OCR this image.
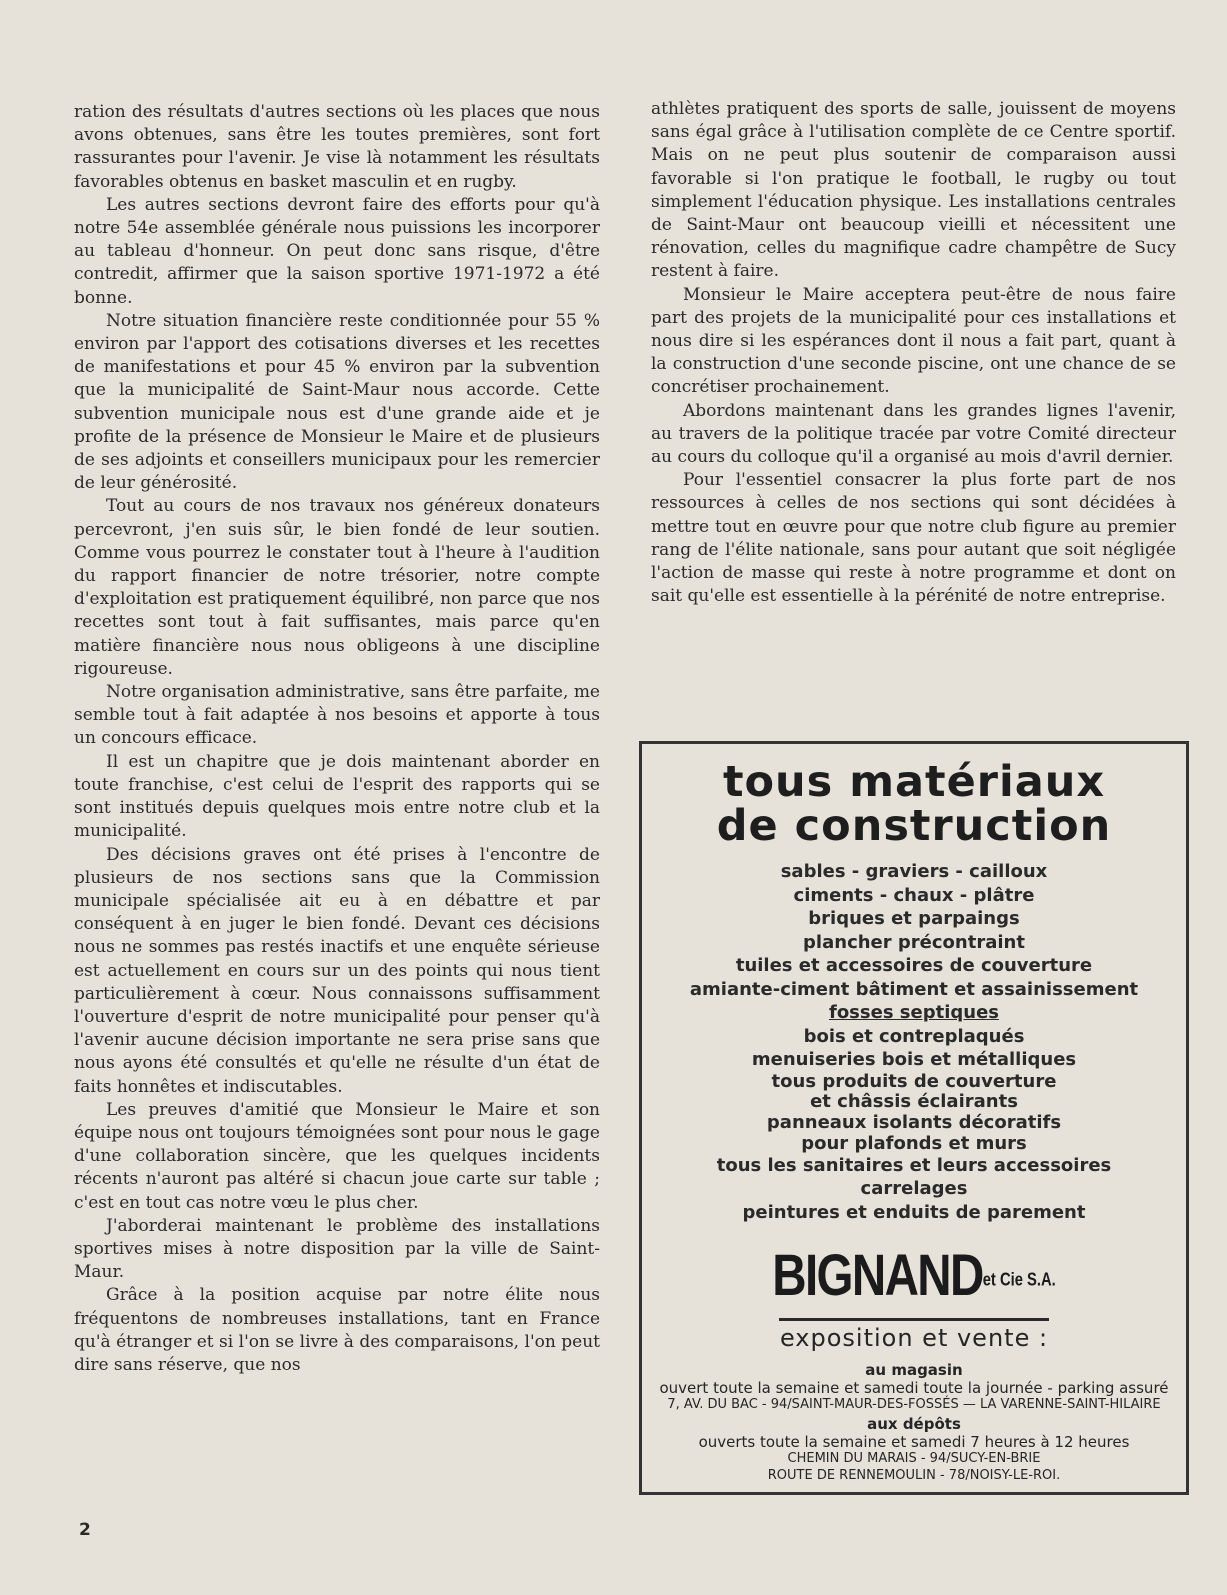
ration des résultats d'autres sections où les places que nous avons obtenues, sans être les toutes premières, sont fort rassurantes pour l'avenir. Je vise là notamment les résultats favorables obtenus en basket masculin et en rugby.

Les autres sections devront faire des efforts pour qu'à notre 54e assemblée générale nous puissions les incorporer au tableau d'honneur. On peut donc sans risque, d'être contredit, affirmer que la saison sportive 1971-1972 a été bonne.

Notre situation financière reste conditionnée pour 55 % environ par l'apport des cotisations diverses et les recettes de manifestations et pour 45 % environ par la subvention que la municipalité de Saint-Maur nous accorde. Cette subvention municipale nous est d'une grande aide et je profite de la présence de Monsieur le Maire et de plusieurs de ses adjoints et conseillers municipaux pour les remercier de leur générosité.

Tout au cours de nos travaux nos généreux donateurs percevront, j'en suis sûr, le bien fondé de leur soutien. Comme vous pourrez le constater tout à l'heure à l'audition du rapport financier de notre trésorier, notre compte d'exploitation est pratiquement équilibré, non parce que nos recettes sont tout à fait suffisantes, mais parce qu'en matière financière nous nous obligeons à une discipline rigoureuse.

Notre organisation administrative, sans être parfaite, me semble tout à fait adaptée à nos besoins et apporte à tous un concours efficace.

Il est un chapitre que je dois maintenant aborder en toute franchise, c'est celui de l'esprit des rapports qui se sont institués depuis quelques mois entre notre club et la municipalité.

Des décisions graves ont été prises à l'encontre de plusieurs de nos sections sans que la Commission municipale spécialisée ait eu à en débattre et par conséquent à en juger le bien fondé. Devant ces décisions nous ne sommes pas restés inactifs et une enquête sérieuse est actuellement en cours sur un des points qui nous tient particulièrement à cœur. Nous connaissons suffisamment l'ouverture d'esprit de notre municipalité pour penser qu'à l'avenir aucune décision importante ne sera prise sans que nous ayons été consultés et qu'elle ne résulte d'un état de faits honnêtes et indiscutables.

Les preuves d'amitié que Monsieur le Maire et son équipe nous ont toujours témoignées sont pour nous le gage d'une collaboration sincère, que les quelques incidents récents n'auront pas altéré si chacun joue carte sur table ; c'est en tout cas notre vœu le plus cher.

J'aborderai maintenant le problème des installations sportives mises à notre disposition par la ville de Saint-Maur.

Grâce à la position acquise par notre élite nous fréquentons de nombreuses installations, tant en France qu'à étranger et si l'on se livre à des comparaisons, l'on peut dire sans réserve, que nos

athlètes pratiquent des sports de salle, jouissent de moyens sans égal grâce à l'utilisation complète de ce Centre sportif. Mais on ne peut plus soutenir de comparaison aussi favorable si l'on pratique le football, le rugby ou tout simplement l'éducation physique. Les installations centrales de Saint-Maur ont beaucoup vieilli et nécessitent une rénovation, celles du magnifique cadre champêtre de Sucy restent à faire.

Monsieur le Maire acceptera peut-être de nous faire part des projets de la municipalité pour ces installations et nous dire si les espérances dont il nous a fait part, quant à la construction d'une seconde piscine, ont une chance de se concrétiser prochainement.

Abordons maintenant dans les grandes lignes l'avenir, au travers de la politique tracée par votre Comité directeur au cours du colloque qu'il a organisé au mois d'avril dernier.

Pour l'essentiel consacrer la plus forte part de nos ressources à celles de nos sections qui sont décidées à mettre tout en œuvre pour que notre club figure au premier rang de l'élite nationale, sans pour autant que soit négligée l'action de masse qui reste à notre programme et dont on sait qu'elle est essentielle à la pérénité de notre entreprise.

2
tous matériaux
de construction
sables - graviers - cailloux
ciments - chaux - plâtre
briques et parpaings
plancher précontraint
tuiles et accessoires de couverture
amiante-ciment bâtiment et assainissement
fosses septiques
bois et contreplaqués
menuiseries bois et métalliques
tous produits de couverture
et châssis éclairants
panneaux isolants décoratifs
pour plafonds et murs
tous les sanitaires et leurs accessoires
carrelages
peintures et enduits de parement
BIGNANDet Cie S.A.
exposition et vente :
au magasin
ouvert toute la semaine et samedi toute la journée - parking assuré
7, AV. DU BAC - 94/SAINT-MAUR-DES-FOSSÉS — LA VARENNE-SAINT-HILAIRE
aux dépôts
ouverts toute la semaine et samedi 7 heures à 12 heures
CHEMIN DU MARAIS - 94/SUCY-EN-BRIE
ROUTE DE RENNEMOULIN - 78/NOISY-LE-ROI.
